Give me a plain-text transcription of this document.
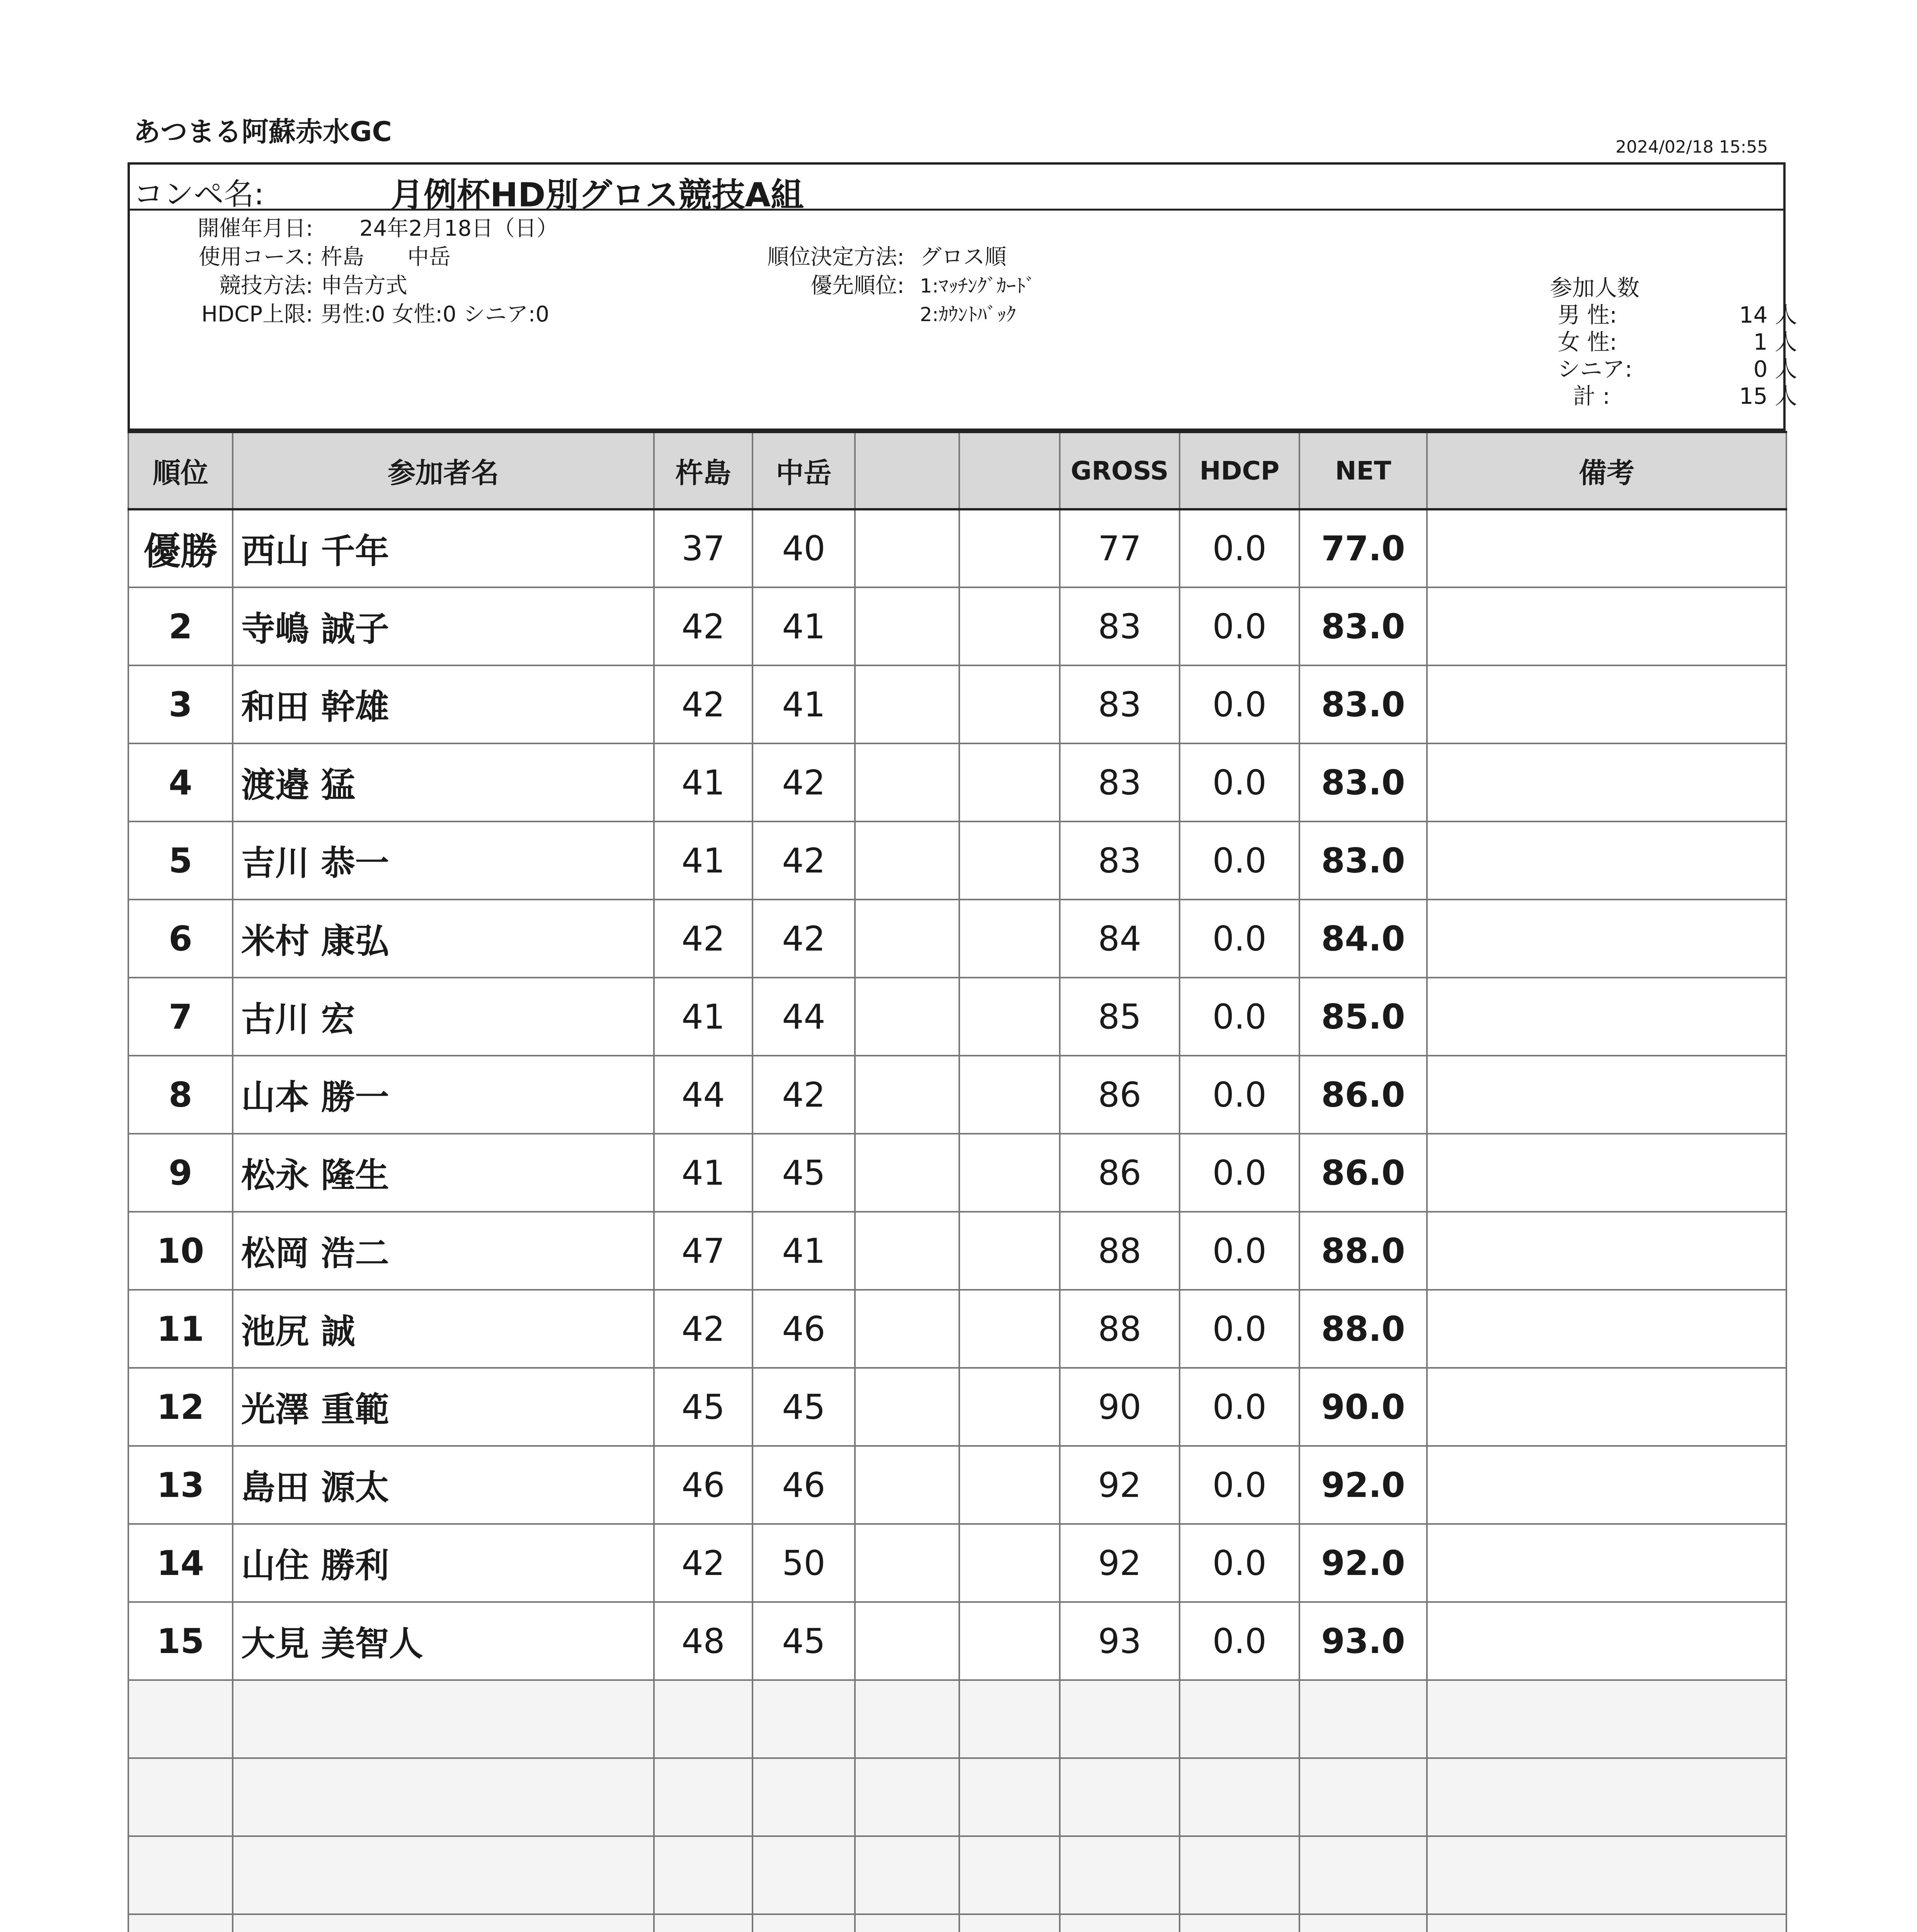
あつまる阿蘇赤水GC	2024/02/18 15:55
コンペ名:	月例杯HD別グロス競技A組
開催年月日: 24年2月18日（日）
使用コース: 杵島　　中岳
競技方法: 申告方式
HDCP上限: 男性:0 女性:0 シニア:0
順位決定方法: グロス順
優先順位: 1:ﾏｯﾁﾝｸﾞｶｰﾄﾞ
2:ｶｳﾝﾄﾊﾞｯｸ
参加人数
男 性:	14 人
女 性:	1 人
シニア:	0 人
計 :	15 人
順位	参加者名	杵島	中岳			GROSS	HDCP	NET	備考
優勝	西山 千年	37	40			77	0.0	77.0	
2	寺嶋 誠子	42	41			83	0.0	83.0	
3	和田 幹雄	42	41			83	0.0	83.0	
4	渡邉 猛	41	42			83	0.0	83.0	
5	吉川 恭一	41	42			83	0.0	83.0	
6	米村 康弘	42	42			84	0.0	84.0	
7	古川 宏	41	44			85	0.0	85.0	
8	山本 勝一	44	42			86	0.0	86.0	
9	松永 隆生	41	45			86	0.0	86.0	
10	松岡 浩二	47	41			88	0.0	88.0	
11	池尻 誠	42	46			88	0.0	88.0	
12	光澤 重範	45	45			90	0.0	90.0	
13	島田 源太	46	46			92	0.0	92.0	
14	山住 勝利	42	50			92	0.0	92.0	
15	大見 美智人	48	45			93	0.0	93.0	
